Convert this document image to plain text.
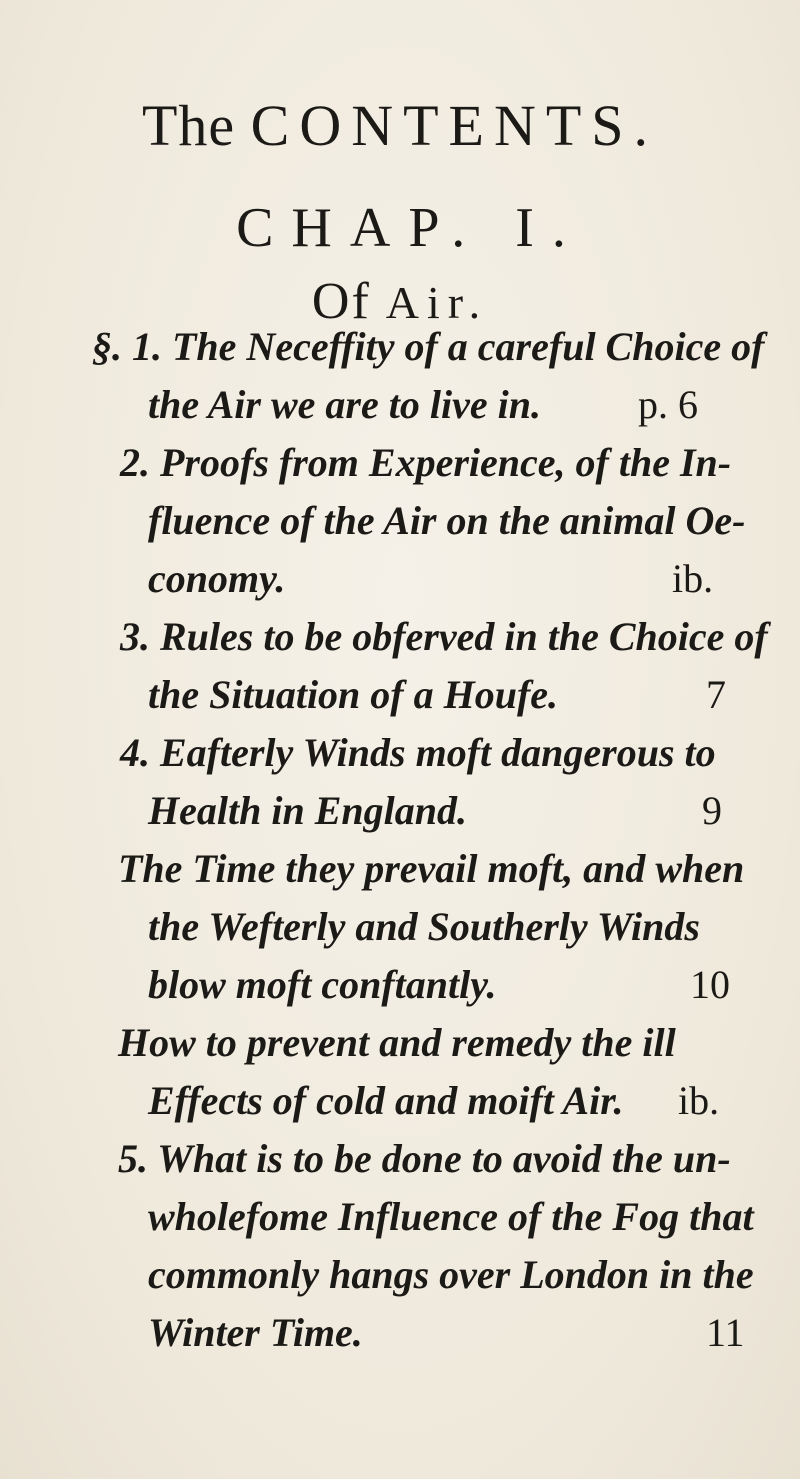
The CONTENTS.
CHAP. I.
Of Air.
§. 1. The Neceffity of a careful Choice of
the Air we are to live in. p. 6
2. Proofs from Experience, of the In-
fluence of the Air on the animal Oe-
conomy.	ib.
3. Rules to be obferved in the Choice of
the Situation of a Houfe.	7
4. Eafterly Winds moft dangerous to
Health in England.	9
The Time they prevail moft, and when
the Wefterly and Southerly Winds
blow moft conftantly.	10
How to prevent and remedy the ill
Effects of cold and moift Air. ib.
5. What is to be done to avoid the un-
wholefome Influence of the Fog that
commonly hangs over London in the
Winter Time.	11
